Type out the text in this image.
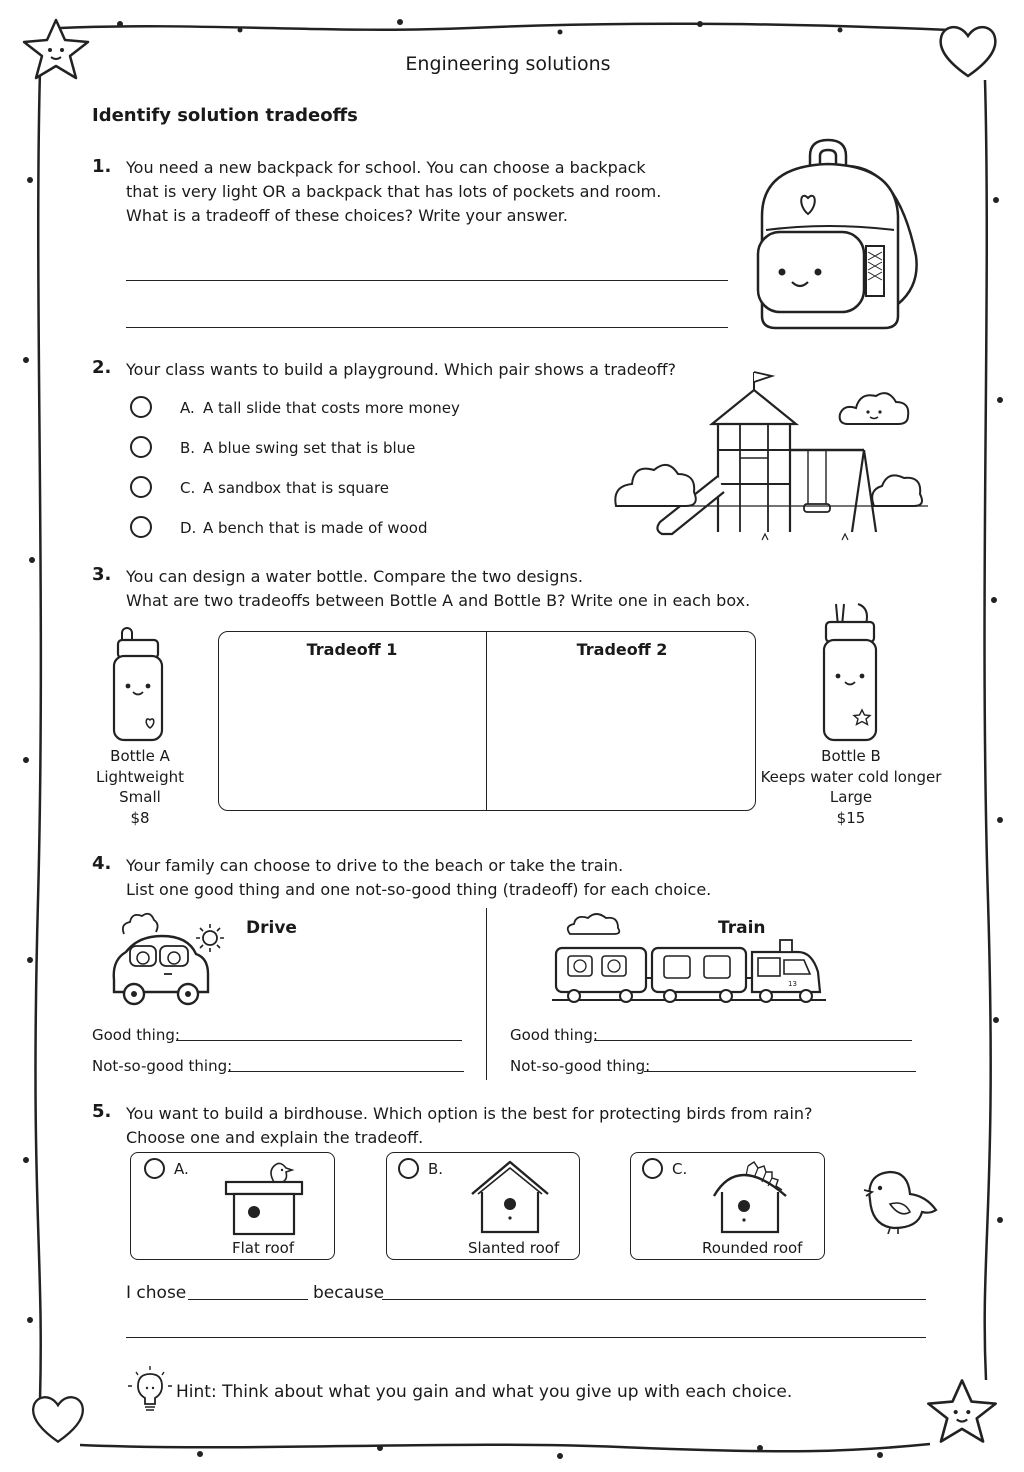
Engineering solutions
Identify solution tradeoffs
1. You need a new backpack for school. You can choose a backpack
that is very light OR a backpack that has lots of pockets and room.
What is a tradeoff of these choices? Write your answer.
2. Your class wants to build a playground. Which pair shows a tradeoff?
A. A tall slide that costs more money
B. A blue swing set that is blue
C. A sandbox that is square
D. A bench that is made of wood
3. You can design a water bottle. Compare the two designs.
What are two tradeoffs between Bottle A and Bottle B? Write one in each box.
Bottle A
Lightweight
Small
$8
Tradeoff 1	Tradeoff 2
Bottle B
Keeps water cold longer
Large
$15
4. Your family can choose to drive to the beach or take the train.
List one good thing and one not-so-good thing (tradeoff) for each choice.
Drive	Train
13
Good thing:
Not-so-good thing:
Good thing:
Not-so-good thing:
5. You want to build a birdhouse. Which option is the best for protecting birds from rain?
Choose one and explain the tradeoff.
A.
Flat roof
B.
Slanted roof
C.
Rounded roof
I chose	because
Hint: Think about what you gain and what you give up with each choice.
